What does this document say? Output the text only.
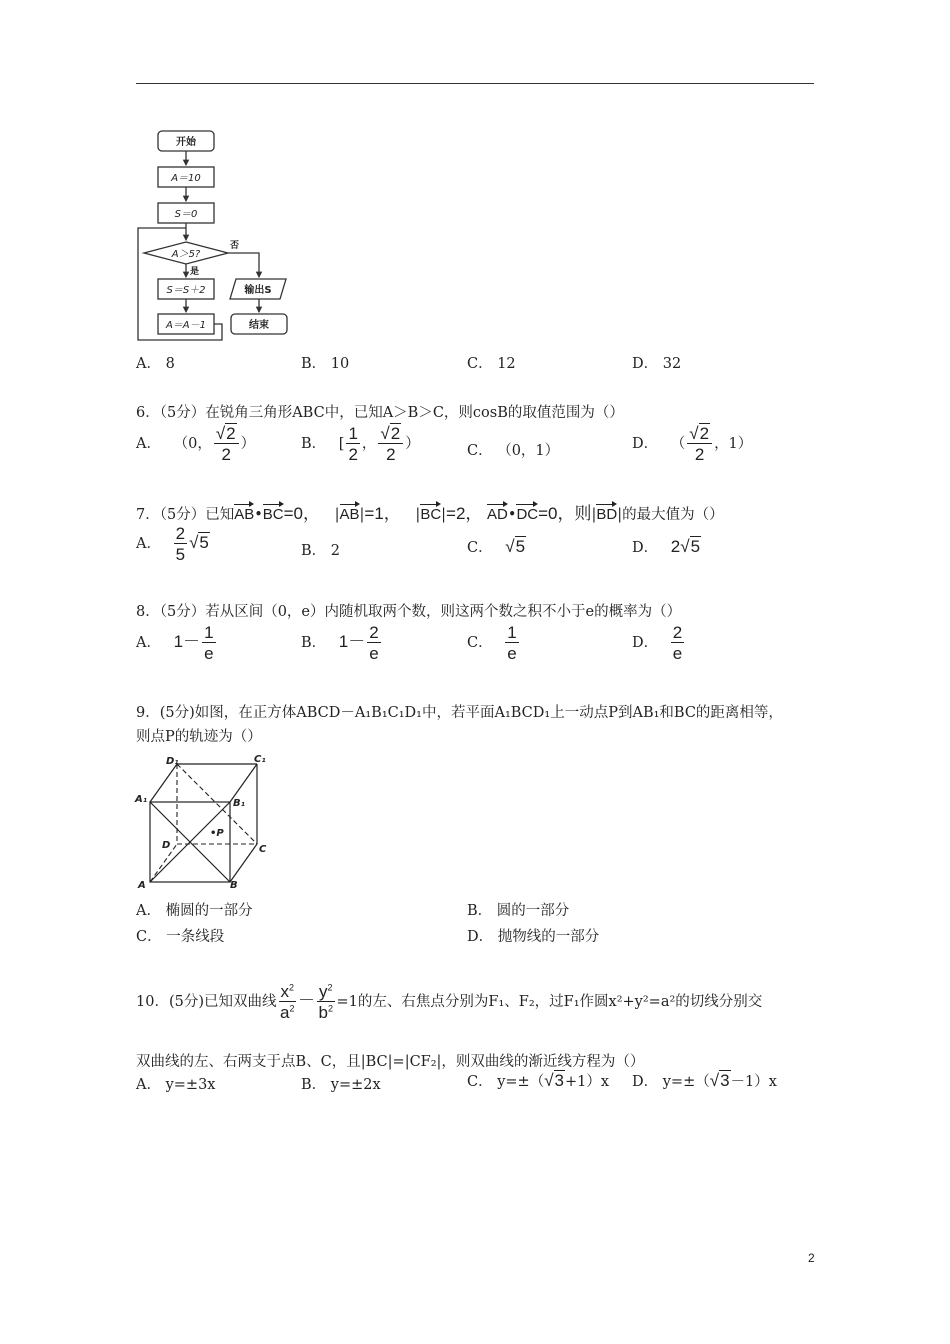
开始
A＝10
S＝0
A＞5?
否
是
S＝S＋2
A＝A－1
输出S
结束
A． 8	B． 10	C． 12	D． 32
6．（5分）在锐角三角形ABC中，已知A＞B＞C，则cosB的取值范围为（）
A． （0， $\frac{√2}{2}$ ）	B． [ $\frac{1}{2}$ ， $\frac{√2}{2}$ ）	C． （0，1）	D． （ $\frac{√2}{2}$ ，1）
7．（5分）已知AB•BC=0， |AB|=1， |BC|=2， AD•DC=0，则|BD|的最大值为（）
A． $\frac{2}{5} √5$	B． 2	C． √5	D． 2√5
8．（5分）若从区间（0，e）内随机取两个数，则这两个数之积不小于e的概率为（）
A． $1- \frac{1}{e}$	B． $1- \frac{2}{e}$	C． $\frac{1}{e}$	D． $\frac{2}{e}$
9．(5分)如图，在正方体ABCD－A₁B₁C₁D₁中，若平面A₁BCD₁上一动点P到AB₁和BC的距离相等，
则点P的轨迹为（）
D₁	C₁
A₁	B₁
D	C
A	B
•P
A． 椭圆的一部分	B． 圆的一部分
C． 一条线段	D． 抛物线的一部分
10．(5分)已知双曲线 $\frac{x^2}{a^2} - \frac{y^2}{b^2} =1$的左、右焦点分别为F₁、F₂，过F₁作圆x²+y²=a²的切线分别交
双曲线的左、右两支于点B、C，且|BC|=|CF₂|，则双曲线的渐近线方程为（）
A． y=±3x	B． y=±2x	C． y=±（√3+1）x D． y=±（√3－1）x
2
